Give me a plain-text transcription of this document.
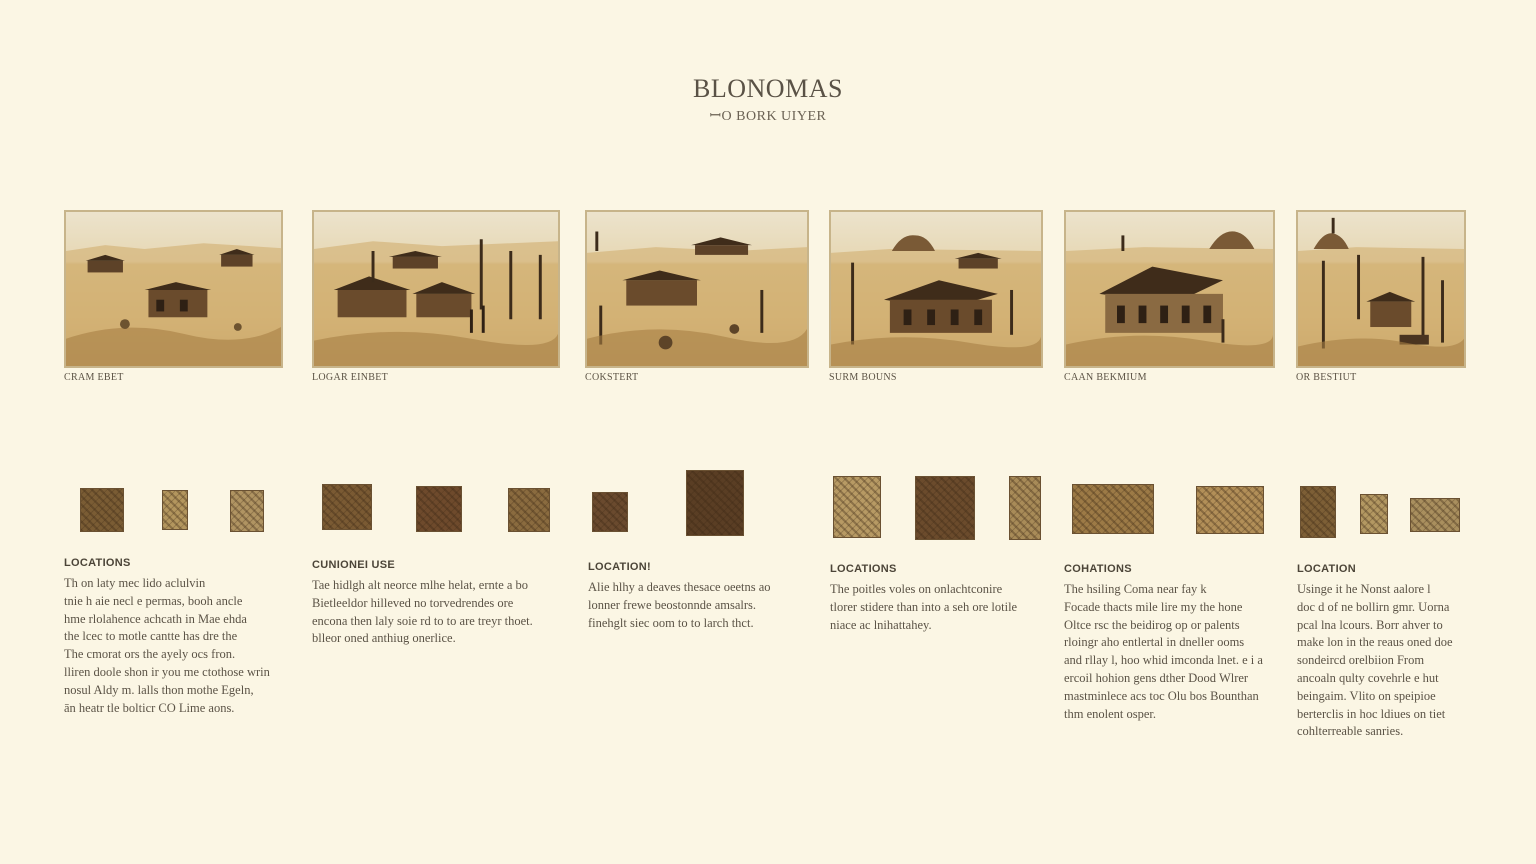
BLONOMAS
ꟷO BORK UIYER
CRAM EBET	LOGAR EINBET	COKSTERT	SURM BOUNS	CAAN BEKMIUM	OR BESTIUT
LOCATIONS
Th on laty mec lido aclulvin
tnie h aie necl e permas, booh ancle
hme rlolahence achcath in Mae ehda
the lcec to motle cantte has dre the
The cmorat ors the ayely ocs fron.
lliren doole shon ir you me ctothose wrin
nosul Aldy m. lalls thon mothe Egeln,
ān heatr tle bolticr CO Lime aons.
CUNIONEI USE
Tae hidlgh alt neorce mlhe helat, ernte a bo
Bietleeldor hilleved no torvedrendes ore
encona then laly soie rd to to are treyr thoet.
blleor oned anthiug onerlice.
LOCATION!
Alie hlhy a deaves thesace oeetns ao
lonner frewe beostonnde amsalrs.
finehglt siec oom to to larch thct.
LOCATIONS
The poitles voles on onlachtconire
tlorer stidere than into a seh ore lotile
niace ac lnihattahey.
COHATIONS
The hsiling Coma near fay k
Focade thacts mile lire my the hone
Oltce rsc the beidirog op or palents
rloingr aho entlertal in dneller ooms
and rllay l, hoo whid imconda lnet. e i a
ercoil hohion gens dther Dood Wlrer
mastminlece acs toc Olu bos Bounthan
thm enolent osper.
LOCATION
Usinge it he Nonst aalore l
doc d of ne bollirn gmr. Uorna
pcal lna lcours. Borr ahver to
make lon in the reaus oned doe
sondeircd orelbiion From
ancoaln qulty covehrle e hut
beingaim. Vlito on speipioe
berterclis in hoc ldiues on tiet
cohlterreable sanries.
